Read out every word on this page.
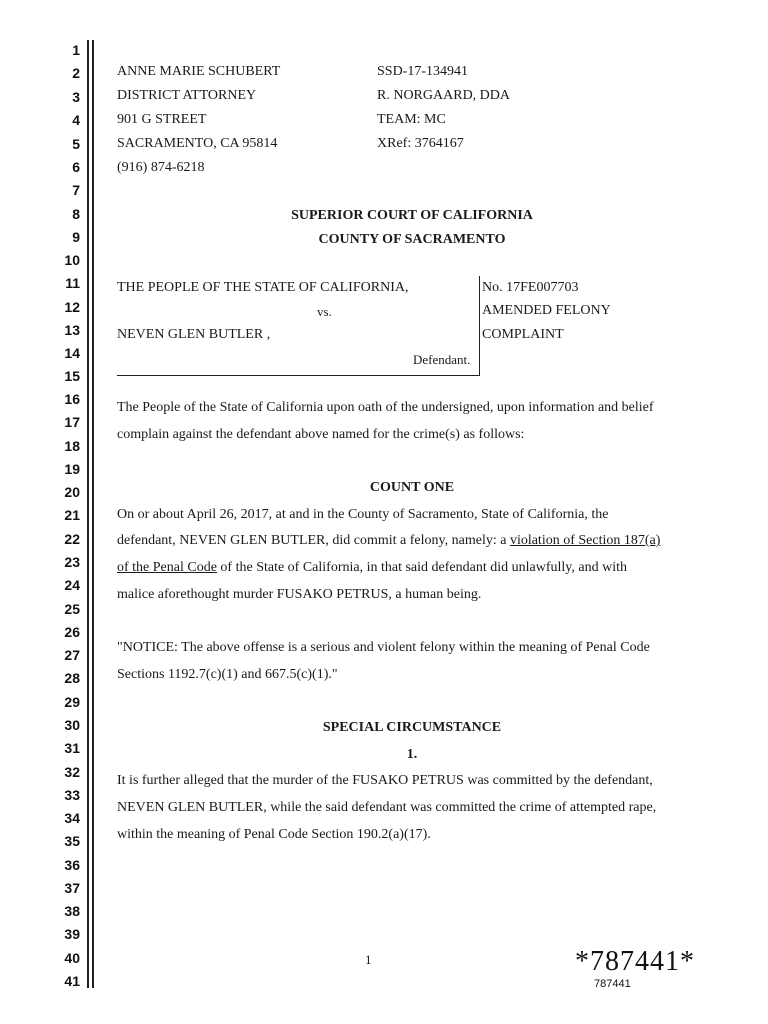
1
2
3
4
5
6
7
8
9
10
11
12
13
14
15
16
17
18
19
20
21
22
23
24
25
26
27
28
29
30
31
32
33
34
35
36
37
38
39
40
41
ANNE MARIE SCHUBERT
DISTRICT ATTORNEY
901 G STREET
SACRAMENTO, CA 95814
(916) 874-6218
SSD-17-134941
R. NORGAARD, DDA
TEAM: MC
XRef: 3764167
SUPERIOR COURT OF CALIFORNIA
COUNTY OF SACRAMENTO
THE PEOPLE OF THE STATE OF CALIFORNIA,
vs.
NEVEN GLEN BUTLER ,
Defendant.
No. 17FE007703
AMENDED FELONY
COMPLAINT
The People of the State of California upon oath of the undersigned, upon information and belief
complain against the defendant above named for the crime(s) as follows:
COUNT ONE
On or about April 26, 2017, at and in the County of Sacramento, State of California, the
defendant, NEVEN GLEN BUTLER, did commit a felony, namely: a violation of Section 187(a)
of the Penal Code of the State of California, in that said defendant did unlawfully, and with
malice aforethought murder FUSAKO PETRUS, a human being.
"NOTICE: The above offense is a serious and violent felony within the meaning of Penal Code
Sections 1192.7(c)(1) and 667.5(c)(1)."
SPECIAL CIRCUMSTANCE
1.
It is further alleged that the murder of the FUSAKO PETRUS was committed by the defendant,
NEVEN GLEN BUTLER, while the said defendant was committed the crime of attempted rape,
within the meaning of Penal Code Section 190.2(a)(17).
1	*787441*
787441
